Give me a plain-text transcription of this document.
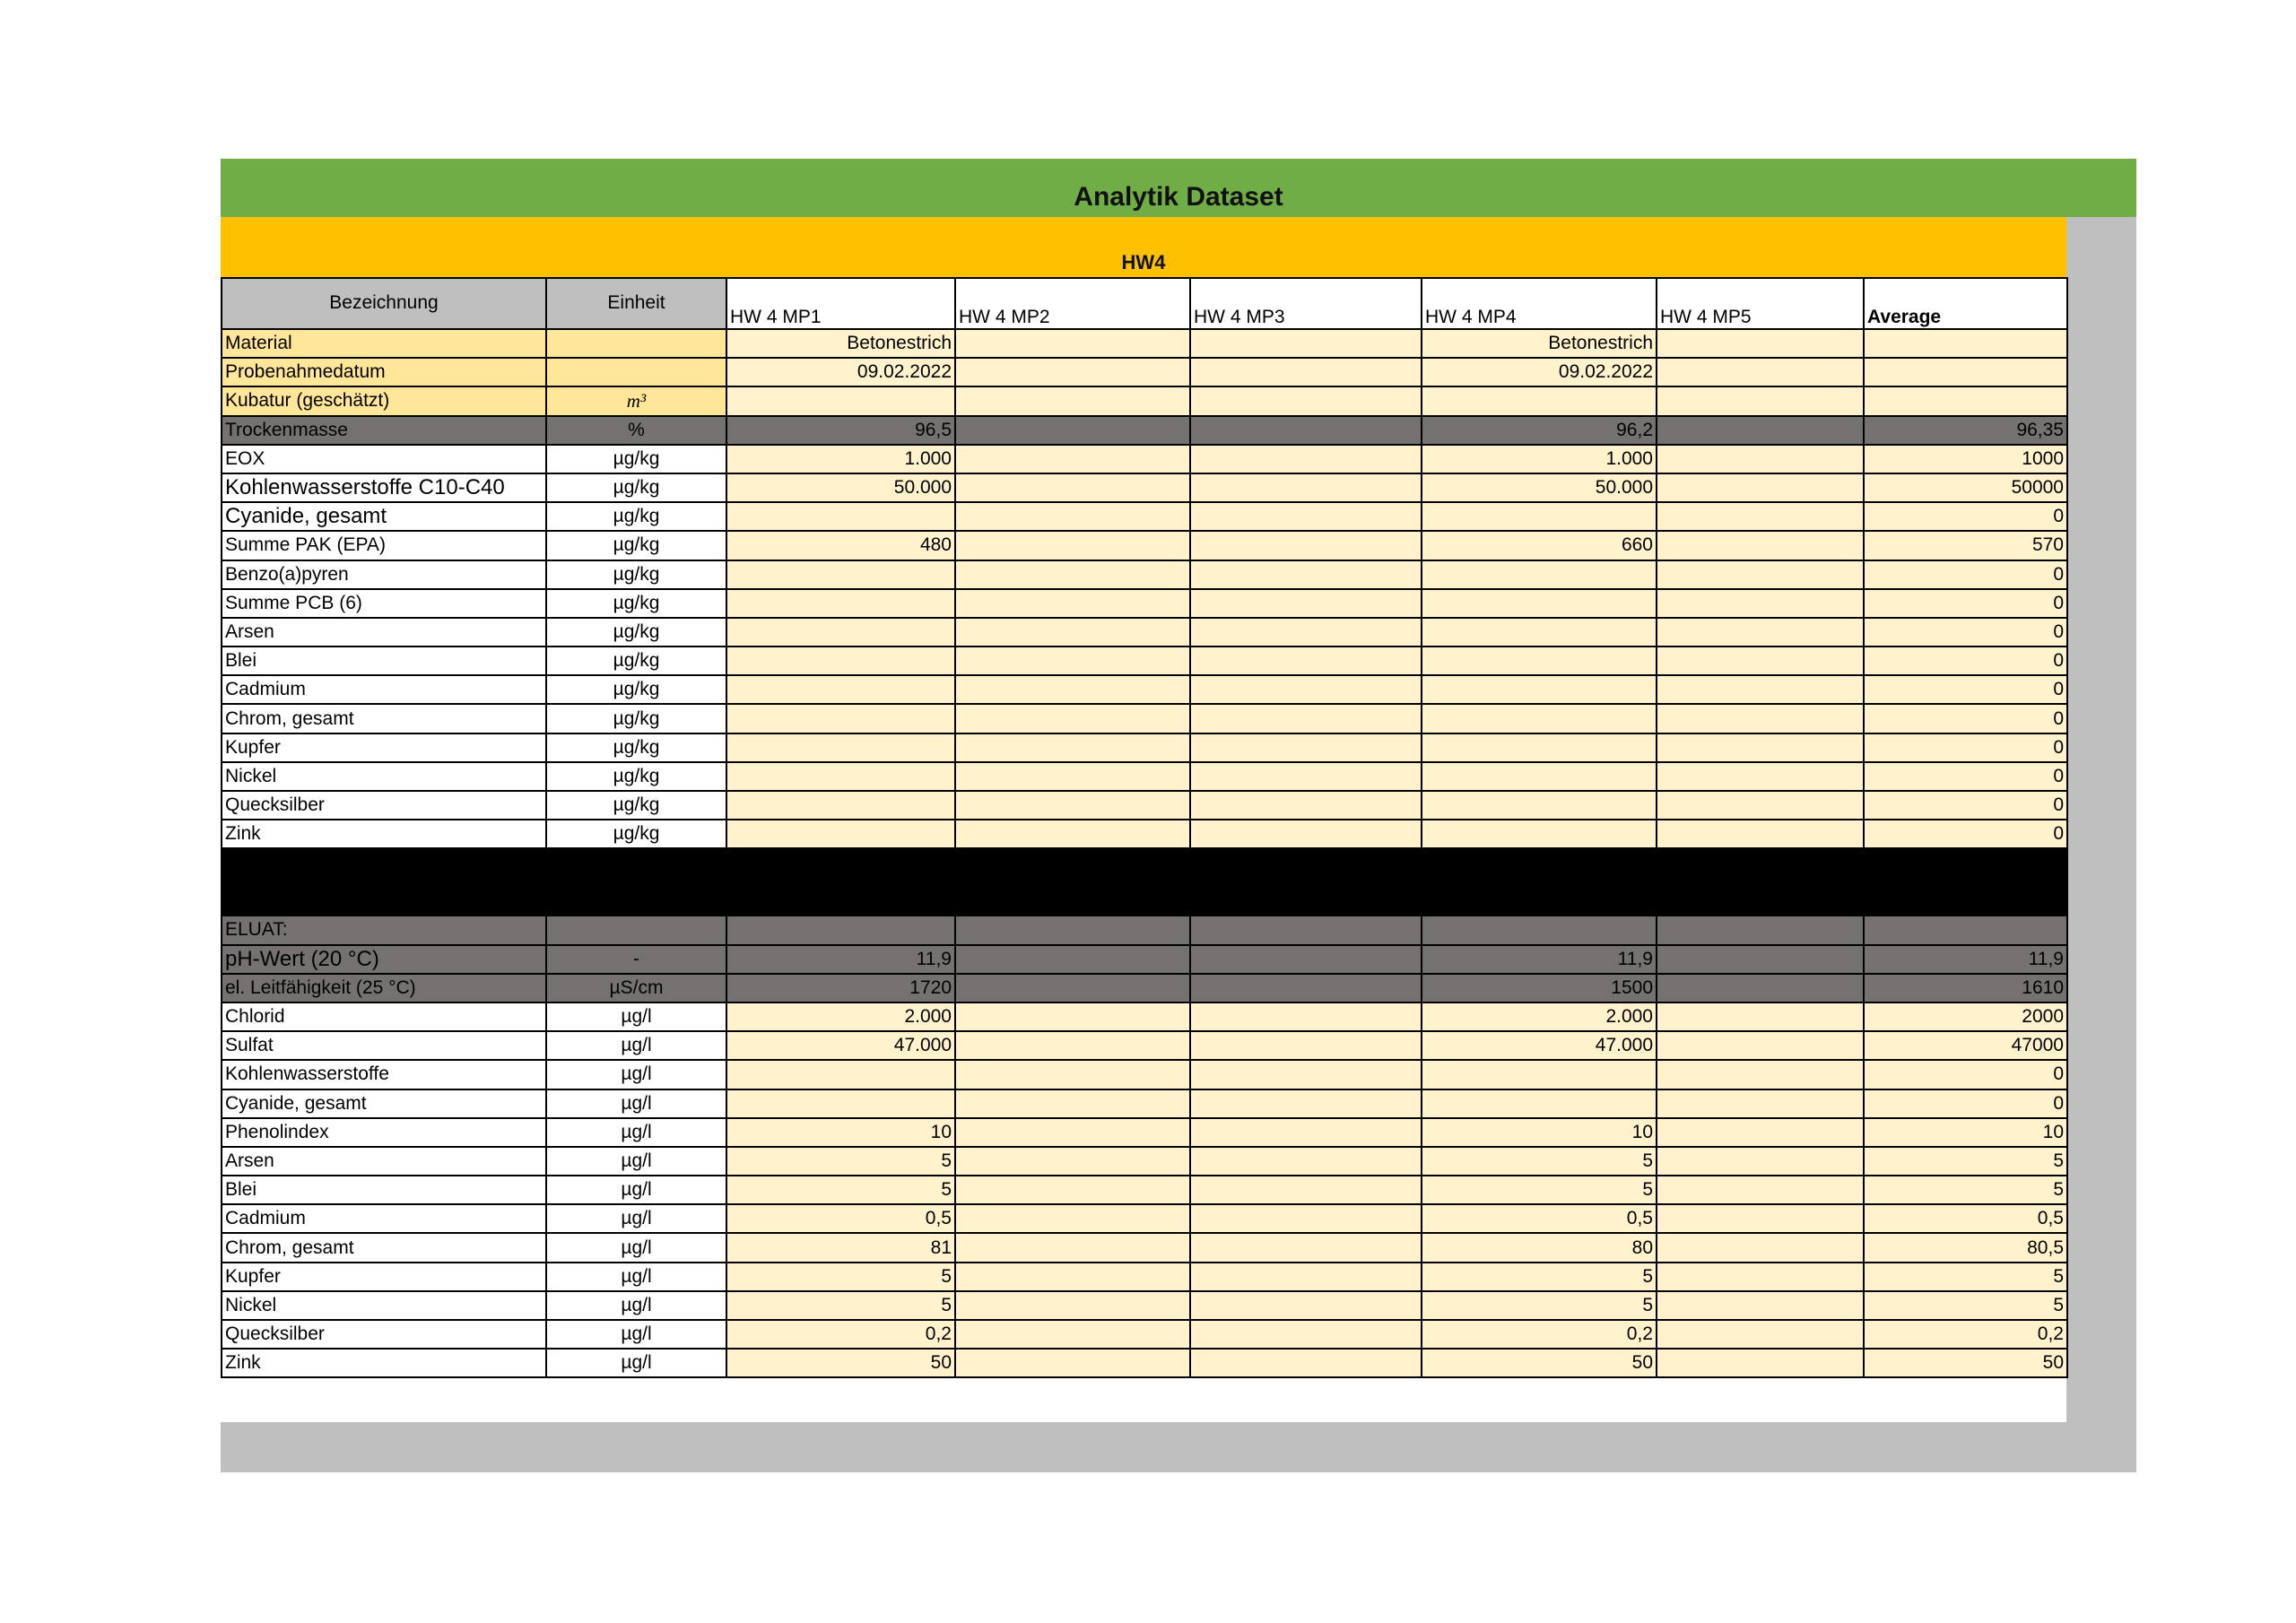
Analytik Dataset
HW4
Bezeichnung	Einheit	HW 4 MP1	HW 4 MP2	HW 4 MP3	HW 4 MP4	HW 4 MP5	Average
Material		Betonestrich			Betonestrich		
Probenahmedatum		09.02.2022			09.02.2022		
Kubatur (geschätzt)	m³						
Trockenmasse	%	96,5			96,2		96,35
EOX	µg/kg	1.000			1.000		1000
Kohlenwasserstoffe C10-C40	µg/kg	50.000			50.000		50000
Cyanide, gesamt	µg/kg						0
Summe PAK (EPA)	µg/kg	480			660		570
Benzo(a)pyren	µg/kg						0
Summe PCB (6)	µg/kg						0
Arsen	µg/kg						0
Blei	µg/kg						0
Cadmium	µg/kg						0
Chrom, gesamt	µg/kg						0
Kupfer	µg/kg						0
Nickel	µg/kg						0
Quecksilber	µg/kg						0
Zink	µg/kg						0

ELUAT:							
pH-Wert (20 °C)	-	11,9			11,9		11,9
el. Leitfähigkeit (25 °C)	µS/cm	1720			1500		1610
Chlorid	µg/l	2.000			2.000		2000
Sulfat	µg/l	47.000			47.000		47000
Kohlenwasserstoffe	µg/l						0
Cyanide, gesamt	µg/l						0
Phenolindex	µg/l	10			10		10
Arsen	µg/l	5			5		5
Blei	µg/l	5			5		5
Cadmium	µg/l	0,5			0,5		0,5
Chrom, gesamt	µg/l	81			80		80,5
Kupfer	µg/l	5			5		5
Nickel	µg/l	5			5		5
Quecksilber	µg/l	0,2			0,2		0,2
Zink	µg/l	50			50		50
